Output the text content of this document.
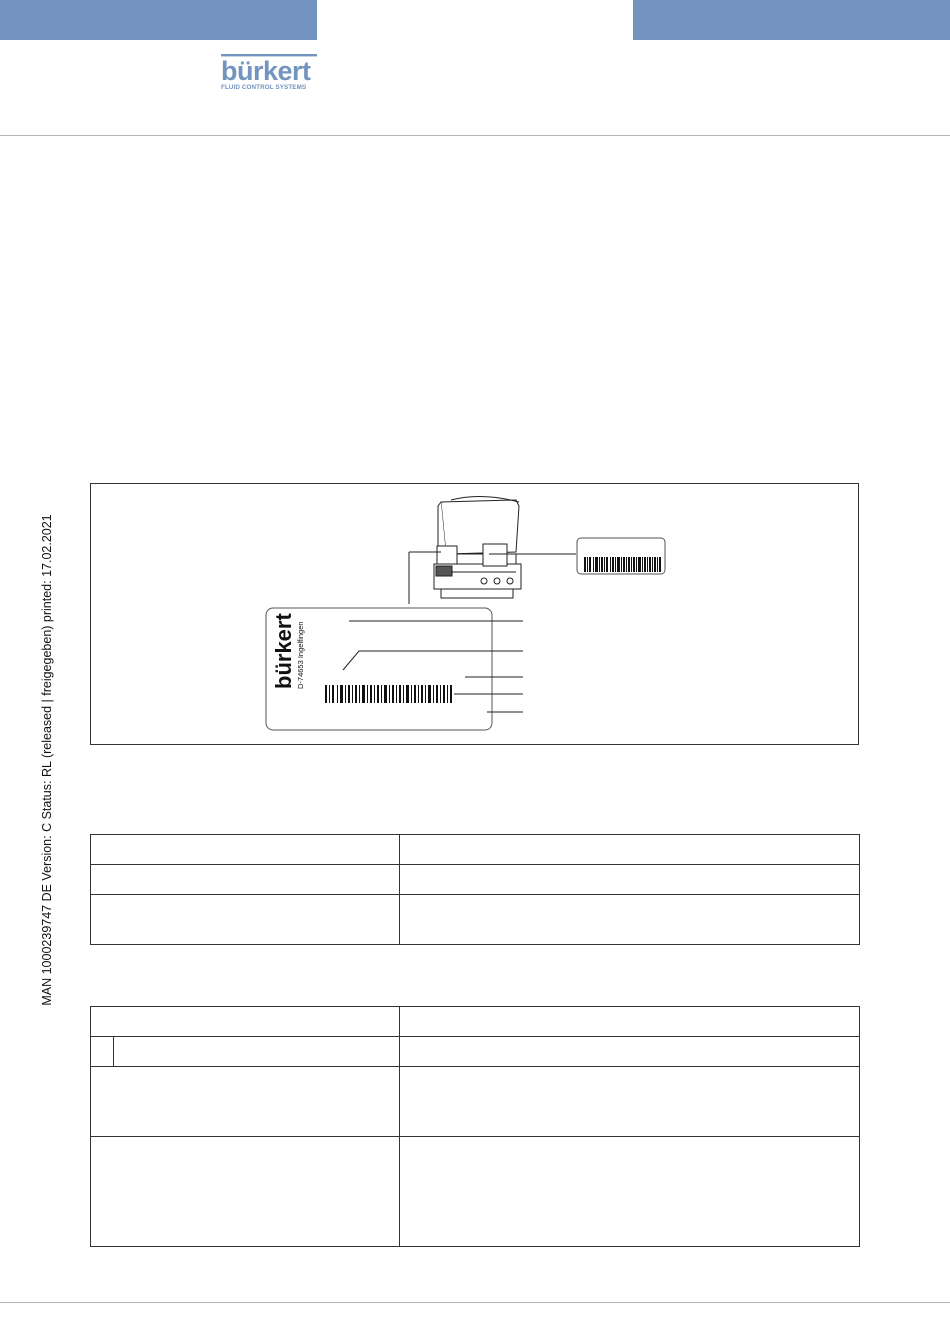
bürkert
FLUID CONTROL SYSTEMS
MAN 1000239747 DE Version: C Status: RL (released | freigegeben) printed: 17.02.2021	bürkert D-74653 Ingelfingen
